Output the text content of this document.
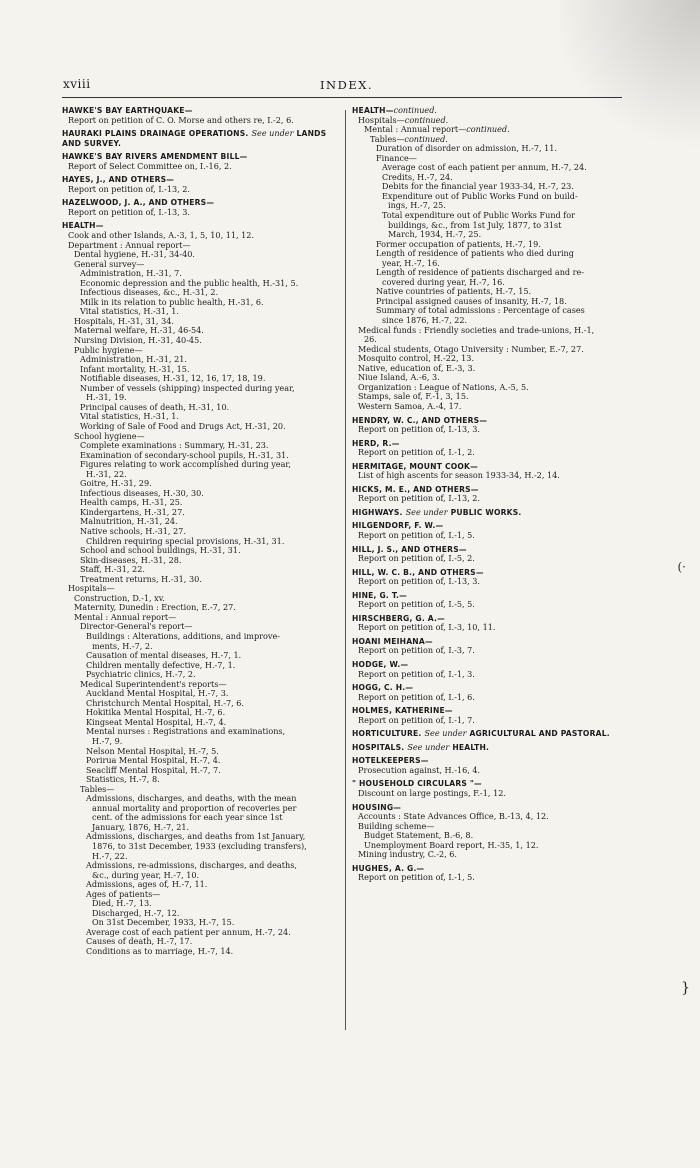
xviii	INDEX.
HAWKE'S BAY EARTHQUAKE—
Report on petition of C. O. Morse and others re, I.-2, 6.
HAURAKI PLAINS DRAINAGE OPERATIONS. See under LANDS AND SURVEY.
HAWKE'S BAY RIVERS AMENDMENT BILL—
Report of Select Committee on, I.-16, 2.
HAYES, J., AND OTHERS—
Report on petition of, I.-13, 2.
HAZELWOOD, J. A., AND OTHERS—
Report on petition of, I.-13, 3.
HEALTH—
Cook and other Islands, A.-3, 1, 5, 10, 11, 12.
Department : Annual report—
Dental hygiene, H.-31, 34-40.
General survey—
Administration, H.-31, 7.
Economic depression and the public health, H.-31, 5.
Infectious diseases, &c., H.-31, 2.
Milk in its relation to public health, H.-31, 6.
Vital statistics, H.-31, 1.
Hospitals, H.-31, 31, 34.
Maternal welfare, H.-31, 46-54.
Nursing Division, H.-31, 40-45.
Public hygiene—
Administration, H.-31, 21.
Infant mortality, H.-31, 15.
Notifiable diseases, H.-31, 12, 16, 17, 18, 19.
Number of vessels (shipping) inspected during year,
H.-31, 19.
Principal causes of death, H.-31, 10.
Vital statistics, H.-31, 1.
Working of Sale of Food and Drugs Act, H.-31, 20.
School hygiene—
Complete examinations : Summary, H.-31, 23.
Examination of secondary-school pupils, H.-31, 31.
Figures relating to work accomplished during year,
H.-31, 22.
Goitre, H.-31, 29.
Infectious diseases, H.-30, 30.
Health camps, H.-31, 25.
Kindergartens, H.-31, 27.
Malnutrition, H.-31, 24.
Native schools, H.-31, 27.
Children requiring special provisions, H.-31, 31.
School and school buildings, H.-31, 31.
Skin-diseases, H.-31, 28.
Staff, H.-31, 22.
Treatment returns, H.-31, 30.
Hospitals—
Construction, D.-1, xv.
Maternity, Dunedin : Erection, E.-7, 27.
Mental : Annual report—
Director-General's report—
Buildings : Alterations, additions, and improve-
ments, H.-7, 2.
Causation of mental diseases, H.-7, 1.
Children mentally defective, H.-7, 1.
Psychiatric clinics, H.-7, 2.
Medical Superintendent's reports—
Auckland Mental Hospital, H.-7, 3.
Christchurch Mental Hospital, H.-7, 6.
Hokitika Mental Hospital, H.-7, 6.
Kingseat Mental Hospital, H.-7, 4.
Mental nurses : Registrations and examinations,
H.-7, 9.
Nelson Mental Hospital, H.-7, 5.
Porirua Mental Hospital, H.-7, 4.
Seacliff Mental Hospital, H.-7, 7.
Statistics, H.-7, 8.
Tables—
Admissions, discharges, and deaths, with the mean
annual mortality and proportion of recoveries per
cent. of the admissions for each year since 1st
January, 1876, H.-7, 21.
Admissions, discharges, and deaths from 1st January,
1876, to 31st December, 1933 (excluding transfers),
H.-7, 22.
Admissions, re-admissions, discharges, and deaths,
&c., during year, H.-7, 10.
Admissions, ages of, H.-7, 11.
Ages of patients—
Died, H.-7, 13.
Discharged, H.-7, 12.
On 31st December, 1933, H.-7, 15.
Average cost of each patient per annum, H.-7, 24.
Causes of death, H.-7, 17.
Conditions as to marriage, H.-7, 14.
HEALTH—continued.
Hospitals—continued.
Mental : Annual report—continued.
Tables—continued.
Duration of disorder on admission, H.-7, 11.
Finance—
Average cost of each patient per annum, H.-7, 24.
Credits, H.-7, 24.
Debits for the financial year 1933-34, H.-7, 23.
Expenditure out of Public Works Fund on build-
ings, H.-7, 25.
Total expenditure out of Public Works Fund for
buildings, &c., from 1st July, 1877, to 31st
March, 1934, H.-7, 25.
Former occupation of patients, H.-7, 19.
Length of residence of patients who died during
year, H.-7, 16.
Length of residence of patients discharged and re-
covered during year, H.-7, 16.
Native countries of patients, H.-7, 15.
Principal assigned causes of insanity, H.-7, 18.
Summary of total admissions : Percentage of cases
since 1876, H.-7, 22.
Medical funds : Friendly societies and trade-unions, H.-1,
26.
Medical students, Otago University : Number, E.-7, 27.
Mosquito control, H.-22, 13.
Native, education of, E.-3, 3.
Niue Island, A.-6, 3.
Organization : League of Nations, A.-5, 5.
Stamps, sale of, F.-1, 3, 15.
Western Samoa, A.-4, 17.
HENDRY, W. C., AND OTHERS—
Report on petition of, I.-13, 3.
HERD, R.—
Report on petition of, I.-1, 2.
HERMITAGE, MOUNT COOK—
List of high ascents for season 1933-34, H.-2, 14.
HICKS, M. E., AND OTHERS—
Report on petition of, I.-13, 2.
HIGHWAYS. See under PUBLIC WORKS.
HILGENDORF, F. W.—
Report on petition of, I.-1, 5.
HILL, J. S., AND OTHERS—
Report on petition of, I.-5, 2.
HILL, W. C. B., AND OTHERS—
Report on petition of, I.-13, 3.
HINE, G. T.—
Report on petition of, I.-5, 5.
HIRSCHBERG, G. A.—
Report on petition of, I.-3, 10, 11.
HOANI MEIHANA—
Report on petition of, I.-3, 7.
HODGE, W.—
Report on petition of, I.-1, 3.
HOGG, C. H.—
Report on petition of, I.-1, 6.
HOLMES, KATHERINE—
Report on petition of, I.-1, 7.
HORTICULTURE. See under AGRICULTURAL AND PASTORAL.
HOSPITALS. See under HEALTH.
HOTELKEEPERS—
Prosecution against, H.-16, 4.
" HOUSEHOLD CIRCULARS "—
Discount on large postings, F.-1, 12.
HOUSING—
Accounts : State Advances Office, B.-13, 4, 12.
Building scheme—
Budget Statement, B.-6, 8.
Unemployment Board report, H.-35, 1, 12.
Mining industry, C.-2, 6.
HUGHES, A. G.—
Report on petition of, I.-1, 5.
(·
}
